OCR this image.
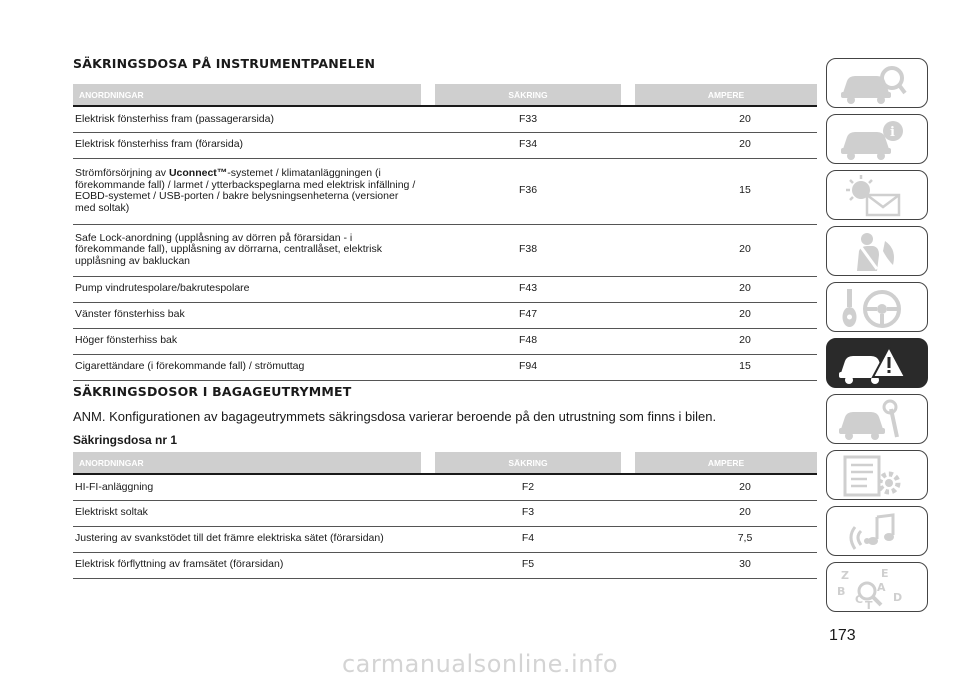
SÄKRINGSDOSA PÅ INSTRUMENTPANELEN
ANORDNINGAR		SÄKRING		AMPERE
Elektrisk fönsterhiss fram (passagerarsida)	F33			20
Elektrisk fönsterhiss fram (förarsida)	F34			20
Strömförsörjning av Uconnect™-systemet / klimatanläggningen (i förekommande fall) / larmet / ytterbackspeglarna med elektrisk infällning / EOBD-systemet / USB-porten / bakre belysningsenheterna (versioner med soltak)	F36			15
Safe Lock-anordning (upplåsning av dörren på förarsidan - i förekommande fall), upplåsning av dörrarna, centrallåset, elektrisk upplåsning av bakluckan	F38			20
Pump vindrutespolare/bakrutespolare	F43			20
Vänster fönsterhiss bak	F47			20
Höger fönsterhiss bak	F48			20
Cigarettändare (i förekommande fall) / strömuttag	F94			15
SÄKRINGSDOSOR I BAGAGEUTRYMMET
ANM. Konfigurationen av bagageutrymmets säkringsdosa varierar beroende på den utrustning som finns i bilen.
Säkringsdosa nr 1
ANORDNINGAR		SÄKRING		AMPERE
HI-FI-anläggning	F2			20
Elektriskt soltak	F3			20
Justering av svankstödet till det främre elektriska sätet (förarsidan)	F4			7,5
Elektrisk förflyttning av framsätet (förarsidan)	F5			30
i
Z	E
B	A
C	D
T
173
carmanualsonline.info
